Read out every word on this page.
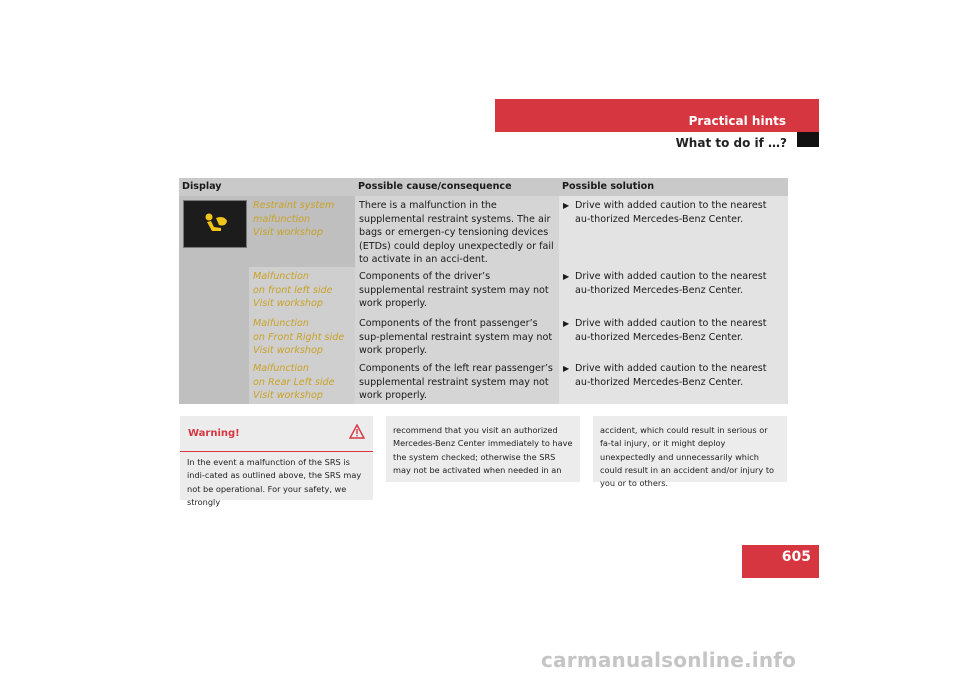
Practical hints
What to do if …?
Display	Possible cause/consequence	Possible solution
Restraint system
malfunction
Visit workshop
There is a malfunction in the supplemental restraint systems. The air bags or emergen-cy tensioning devices (ETDs) could deploy unexpectedly or fail to activate in an acci-dent.
▶ Drive with added caution to the nearest au-thorized Mercedes-Benz Center.
Malfunction
on front left side
Visit workshop
Components of the driver’s supplemental restraint system may not work properly.
▶ Drive with added caution to the nearest au-thorized Mercedes-Benz Center.
Malfunction
on Front Right side
Visit workshop
Components of the front passenger’s sup-plemental restraint system may not work properly.
▶ Drive with added caution to the nearest au-thorized Mercedes-Benz Center.
Malfunction
on Rear Left side
Visit workshop
Components of the left rear passenger’s supplemental restraint system may not work properly.
▶ Drive with added caution to the nearest au-thorized Mercedes-Benz Center.
Warning!
In the event a malfunction of the SRS is indi-cated as outlined above, the SRS may not be operational. For your safety, we strongly
recommend that you visit an authorized Mercedes-Benz Center immediately to have the system checked; otherwise the SRS may not be activated when needed in an
accident, which could result in serious or fa-tal injury, or it might deploy unexpectedly and unnecessarily which could result in an accident and/or injury to you or to others.
605
carmanualsonline.info
